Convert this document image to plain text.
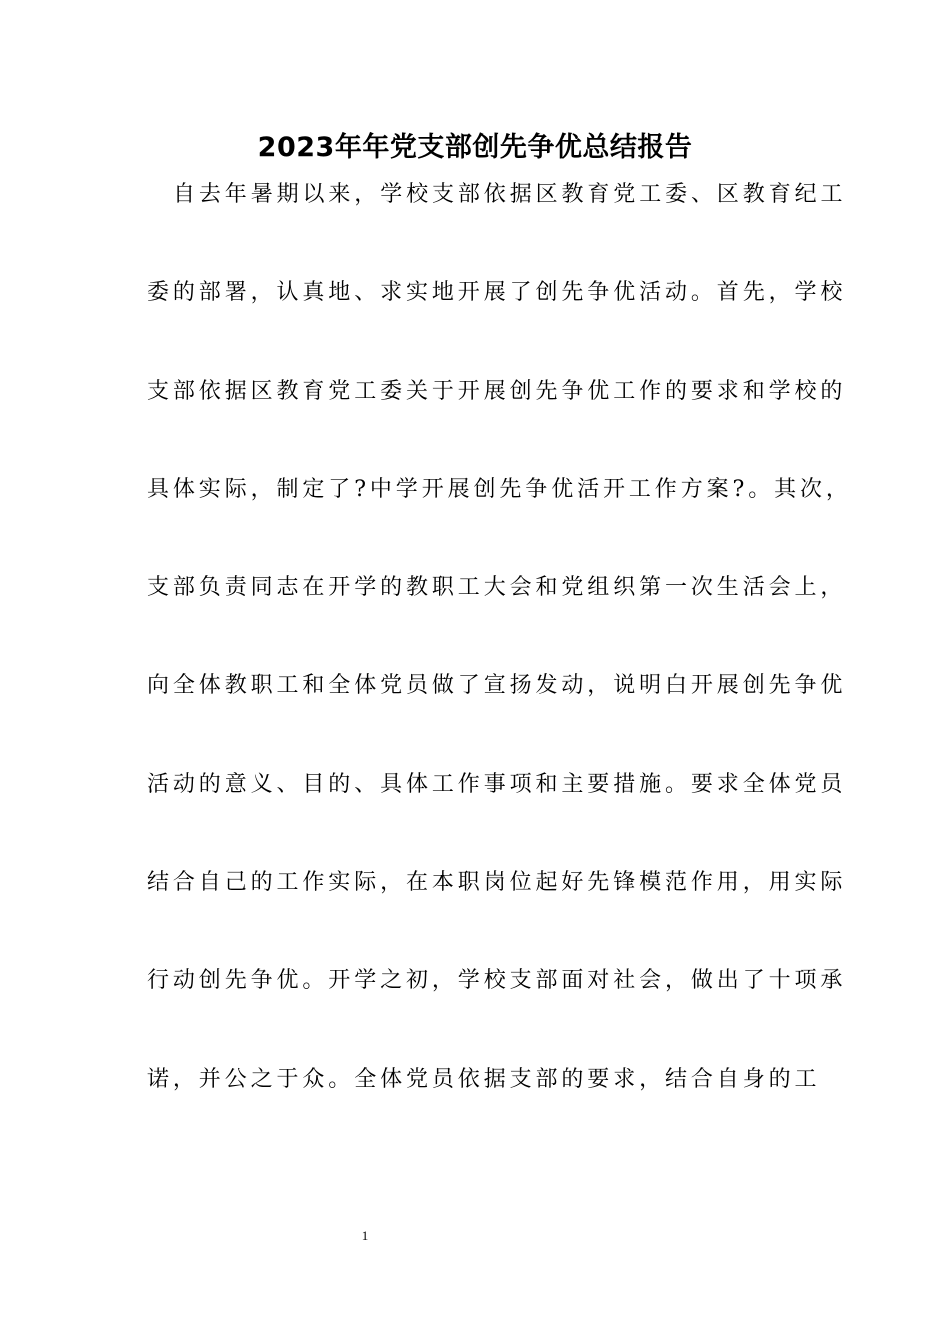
2023年年党支部创先争优总结报告
自去年暑期以来，学校支部依据区教育党工委、区教育纪工
委的部署，认真地、求实地开展了创先争优活动。首先，学校
支部依据区教育党工委关于开展创先争优工作的要求和学校的
具体实际，制定了?中学开展创先争优活开工作方案?。其次，
支部负责同志在开学的教职工大会和党组织第一次生活会上，
向全体教职工和全体党员做了宣扬发动，说明白开展创先争优
活动的意义、目的、具体工作事项和主要措施。要求全体党员
结合自己的工作实际，在本职岗位起好先锋模范作用，用实际
行动创先争优。开学之初，学校支部面对社会，做出了十项承
诺，并公之于众。全体党员依据支部的要求，结合自身的工
1
